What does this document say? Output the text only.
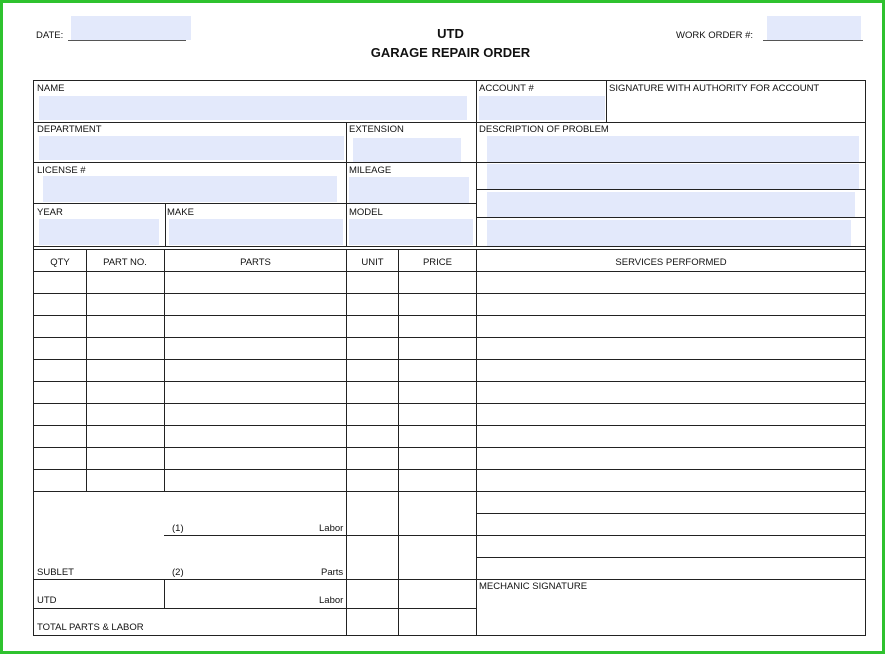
DATE:	UTD
GARAGE REPAIR ORDER
WORK ORDER #:
NAME	ACCOUNT #	SIGNATURE WITH AUTHORITY FOR ACCOUNT
DEPARTMENT	EXTENSION	DESCRIPTION OF PROBLEM
LICENSE #	MILEAGE
YEAR	MAKE	MODEL
QTY	PART NO.	PARTS	UNIT	PRICE	SERVICES PERFORMED
(1)	Labor
SUBLET	(2)	Parts
MECHANIC SIGNATURE
UTD	Labor
TOTAL PARTS & LABOR
